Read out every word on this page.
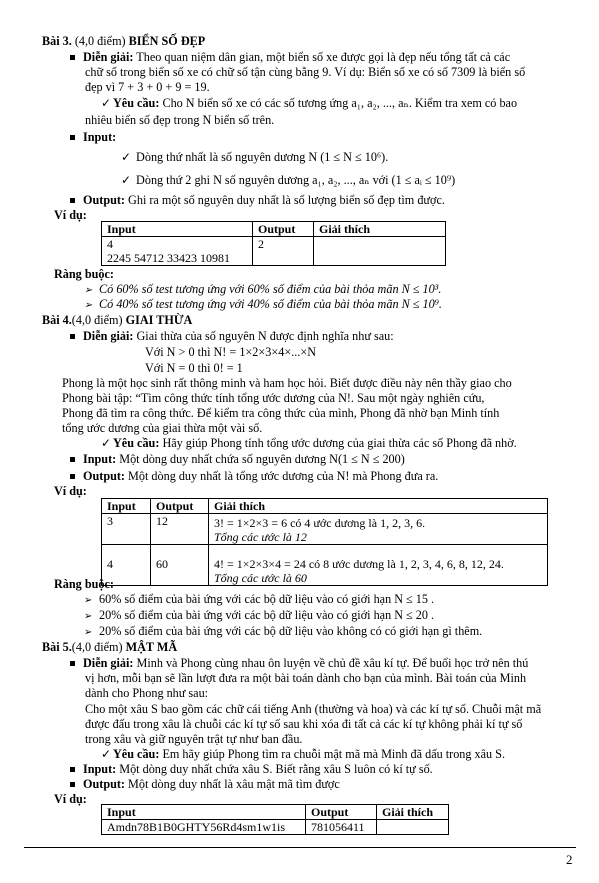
Bài 3. (4,0 điểm) BIỂN SỐ ĐẸP
Diễn giải: Theo quan niệm dân gian, một biển số xe được gọi là đẹp nếu tổng tất cả các
chữ số trong biển số xe có chữ số tận cùng bằng 9. Ví dụ: Biển số xe có số 7309 là biển số
đẹp vì 7 + 3 + 0 + 9 = 19.
✓ Yêu cầu: Cho N biển số xe có các số tương ứng a₁, a₂, ..., aₙ. Kiểm tra xem có bao
nhiêu biển số đẹp trong N biển số trên.
Input:
✓ Dòng thứ nhất là số nguyên dương N (1 ≤ N ≤ 10⁶).
✓ Dòng thứ 2 ghi N số nguyên dương a₁, a₂, ..., aₙ với (1 ≤ aᵢ ≤ 10⁹)
Output: Ghi ra một số nguyên duy nhất là số lượng biển số đẹp tìm được.
Ví dụ:
Input	Output	Giải thích

4
2245 54712 33423 10981	2	
Ràng buộc:
➢ Có 60% số test tương ứng với 60% số điểm của bài thỏa mãn N ≤ 10³.
➢ Có 40% số test tương ứng với 40% số điểm của bài thỏa mãn N ≤ 10⁹.
Bài 4.(4,0 điểm) GIAI THỪA
Diễn giải: Giai thừa của số nguyên N được định nghĩa như sau:
Với N > 0 thì N! = 1×2×3×4×...×N
Với N = 0 thì 0! = 1
Phong là một học sinh rất thông minh và ham học hỏi. Biết được điều này nên thầy giao cho
Phong bài tập: “Tìm công thức tính tổng ước dương của N!. Sau một ngày nghiên cứu,
Phong đã tìm ra công thức. Để kiểm tra công thức của mình, Phong đã nhờ bạn Minh tính
tổng ước dương của giai thừa một vài số.
✓ Yêu cầu: Hãy giúp Phong tính tổng ước dương của giai thừa các số Phong đã nhờ.
Input: Một dòng duy nhất chứa số nguyên dương N(1 ≤ N ≤ 200)
Output: Một dòng duy nhất là tổng ước dương của N! mà Phong đưa ra.
Ví dụ:
Input	Output	Giải thích
3	12	3! = 1×2×3 = 6 có 4 ước dương là 1, 2, 3, 6.
Tổng các ước là 12

4	60	4! = 1×2×3×4 = 24 có 8 ước dương là 1, 2, 3, 4, 6, 8, 12, 24.
Tổng các ước là 60
Ràng buộc:
➢ 60% số điểm của bài ứng với các bộ dữ liệu vào có giới hạn N ≤ 15 .
➢ 20% số điểm của bài ứng với các bộ dữ liệu vào có giới hạn N ≤ 20 .
➢ 20% số điểm của bài ứng với các bộ dữ liệu vào không có có giới hạn gì thêm.
Bài 5.(4,0 điểm) MẬT MÃ
Diễn giải: Minh và Phong cùng nhau ôn luyện về chủ đề xâu kí tự. Để buổi học trở nên thú
vị hơn, mỗi bạn sẽ lần lượt đưa ra một bài toán dành cho bạn của mình. Bài toán của Minh
dành cho Phong như sau:
Cho một xâu S bao gồm các chữ cái tiếng Anh (thường và hoa) và các kí tự số. Chuỗi mật mã
được đấu trong xâu là chuỗi các kí tự số sau khi xóa đi tất cả các kí tự không phải kí tự số
trong xâu và giữ nguyên trật tự như ban đầu.
✓ Yêu cầu: Em hãy giúp Phong tìm ra chuỗi mật mã mà Minh đã dấu trong xâu S.
Input: Một dòng duy nhất chứa xâu S. Biết rằng xâu S luôn có kí tự số.
Output: Một dòng duy nhất là xâu mật mã tìm được
Ví dụ:
Input	Output	Giải thích
Amdn78B1B0GHTY56Rd4sm1w1is	781056411	
2
